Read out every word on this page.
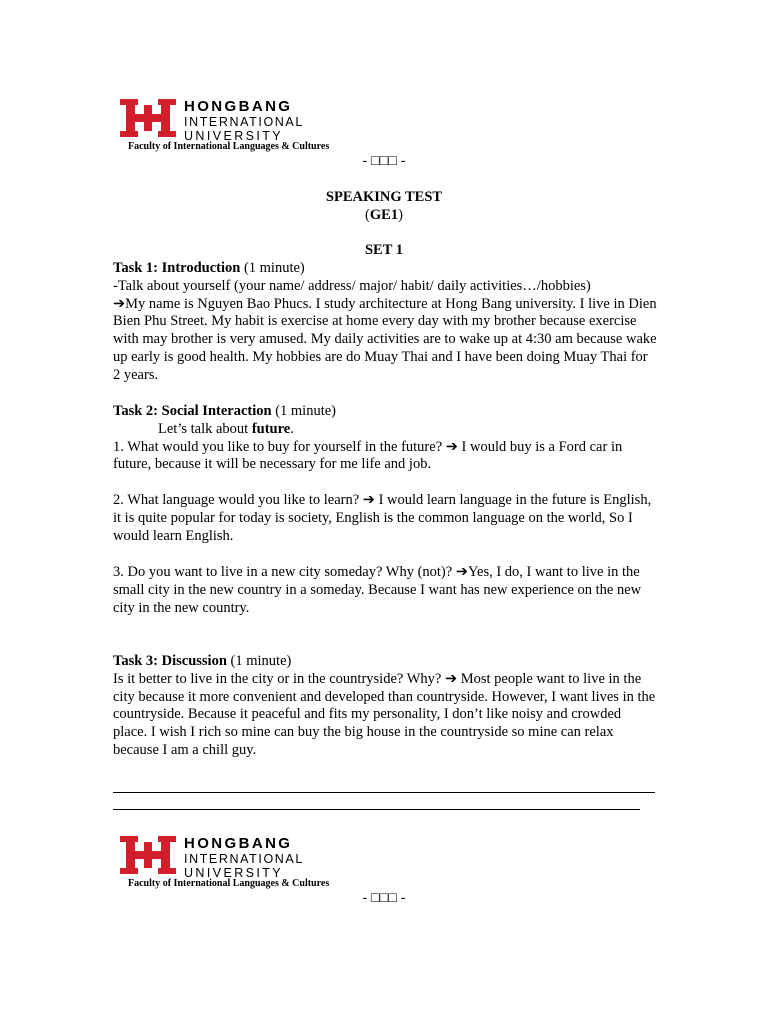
HONGBANG
INTERNATIONAL
UNIVERSITY
Faculty of International Languages & Cultures
- □□□ -
SPEAKING TEST
(GE1)
SET 1

Task 1: Introduction (1 minute)
-Talk about yourself (your name/ address/ major/ habit/ daily activities…/hobbies)
➔My name is Nguyen Bao Phucs. I study architecture at Hong Bang university. I live in Dien Bien Phu Street. My habit is exercise at home every day with my brother because exercise with may brother is very amused. My daily activities are to wake up at 4:30 am because wake up early is good health. My hobbies are do Muay Thai and I have been doing Muay Thai for 2 years.

Task 2: Social Interaction (1 minute)
Let’s talk about future.
1. What would you like to buy for yourself in the future? ➔ I would buy is a Ford car in future, because it will be necessary for me life and job.

2. What language would you like to learn? ➔ I would learn language in the future is English, it is quite popular for today is society, English is the common language on the world, So I would learn English.

3. Do you want to live in a new city someday? Why (not)? ➔Yes, I do, I want to live in the small city in the new country in a someday. Because I want has new experience on the new city in the new country.

Task 3: Discussion (1 minute)
Is it better to live in the city or in the countryside? Why? ➔ Most people want to live in the city because it more convenient and developed than countryside. However, I want lives in the countryside. Because it peaceful and fits my personality, I don’t like noisy and crowded place. I wish I rich so mine can buy the big house in the countryside so mine can relax because I am a chill guy.

HONGBANG
INTERNATIONAL
UNIVERSITY
Faculty of International Languages & Cultures
- □□□ -
